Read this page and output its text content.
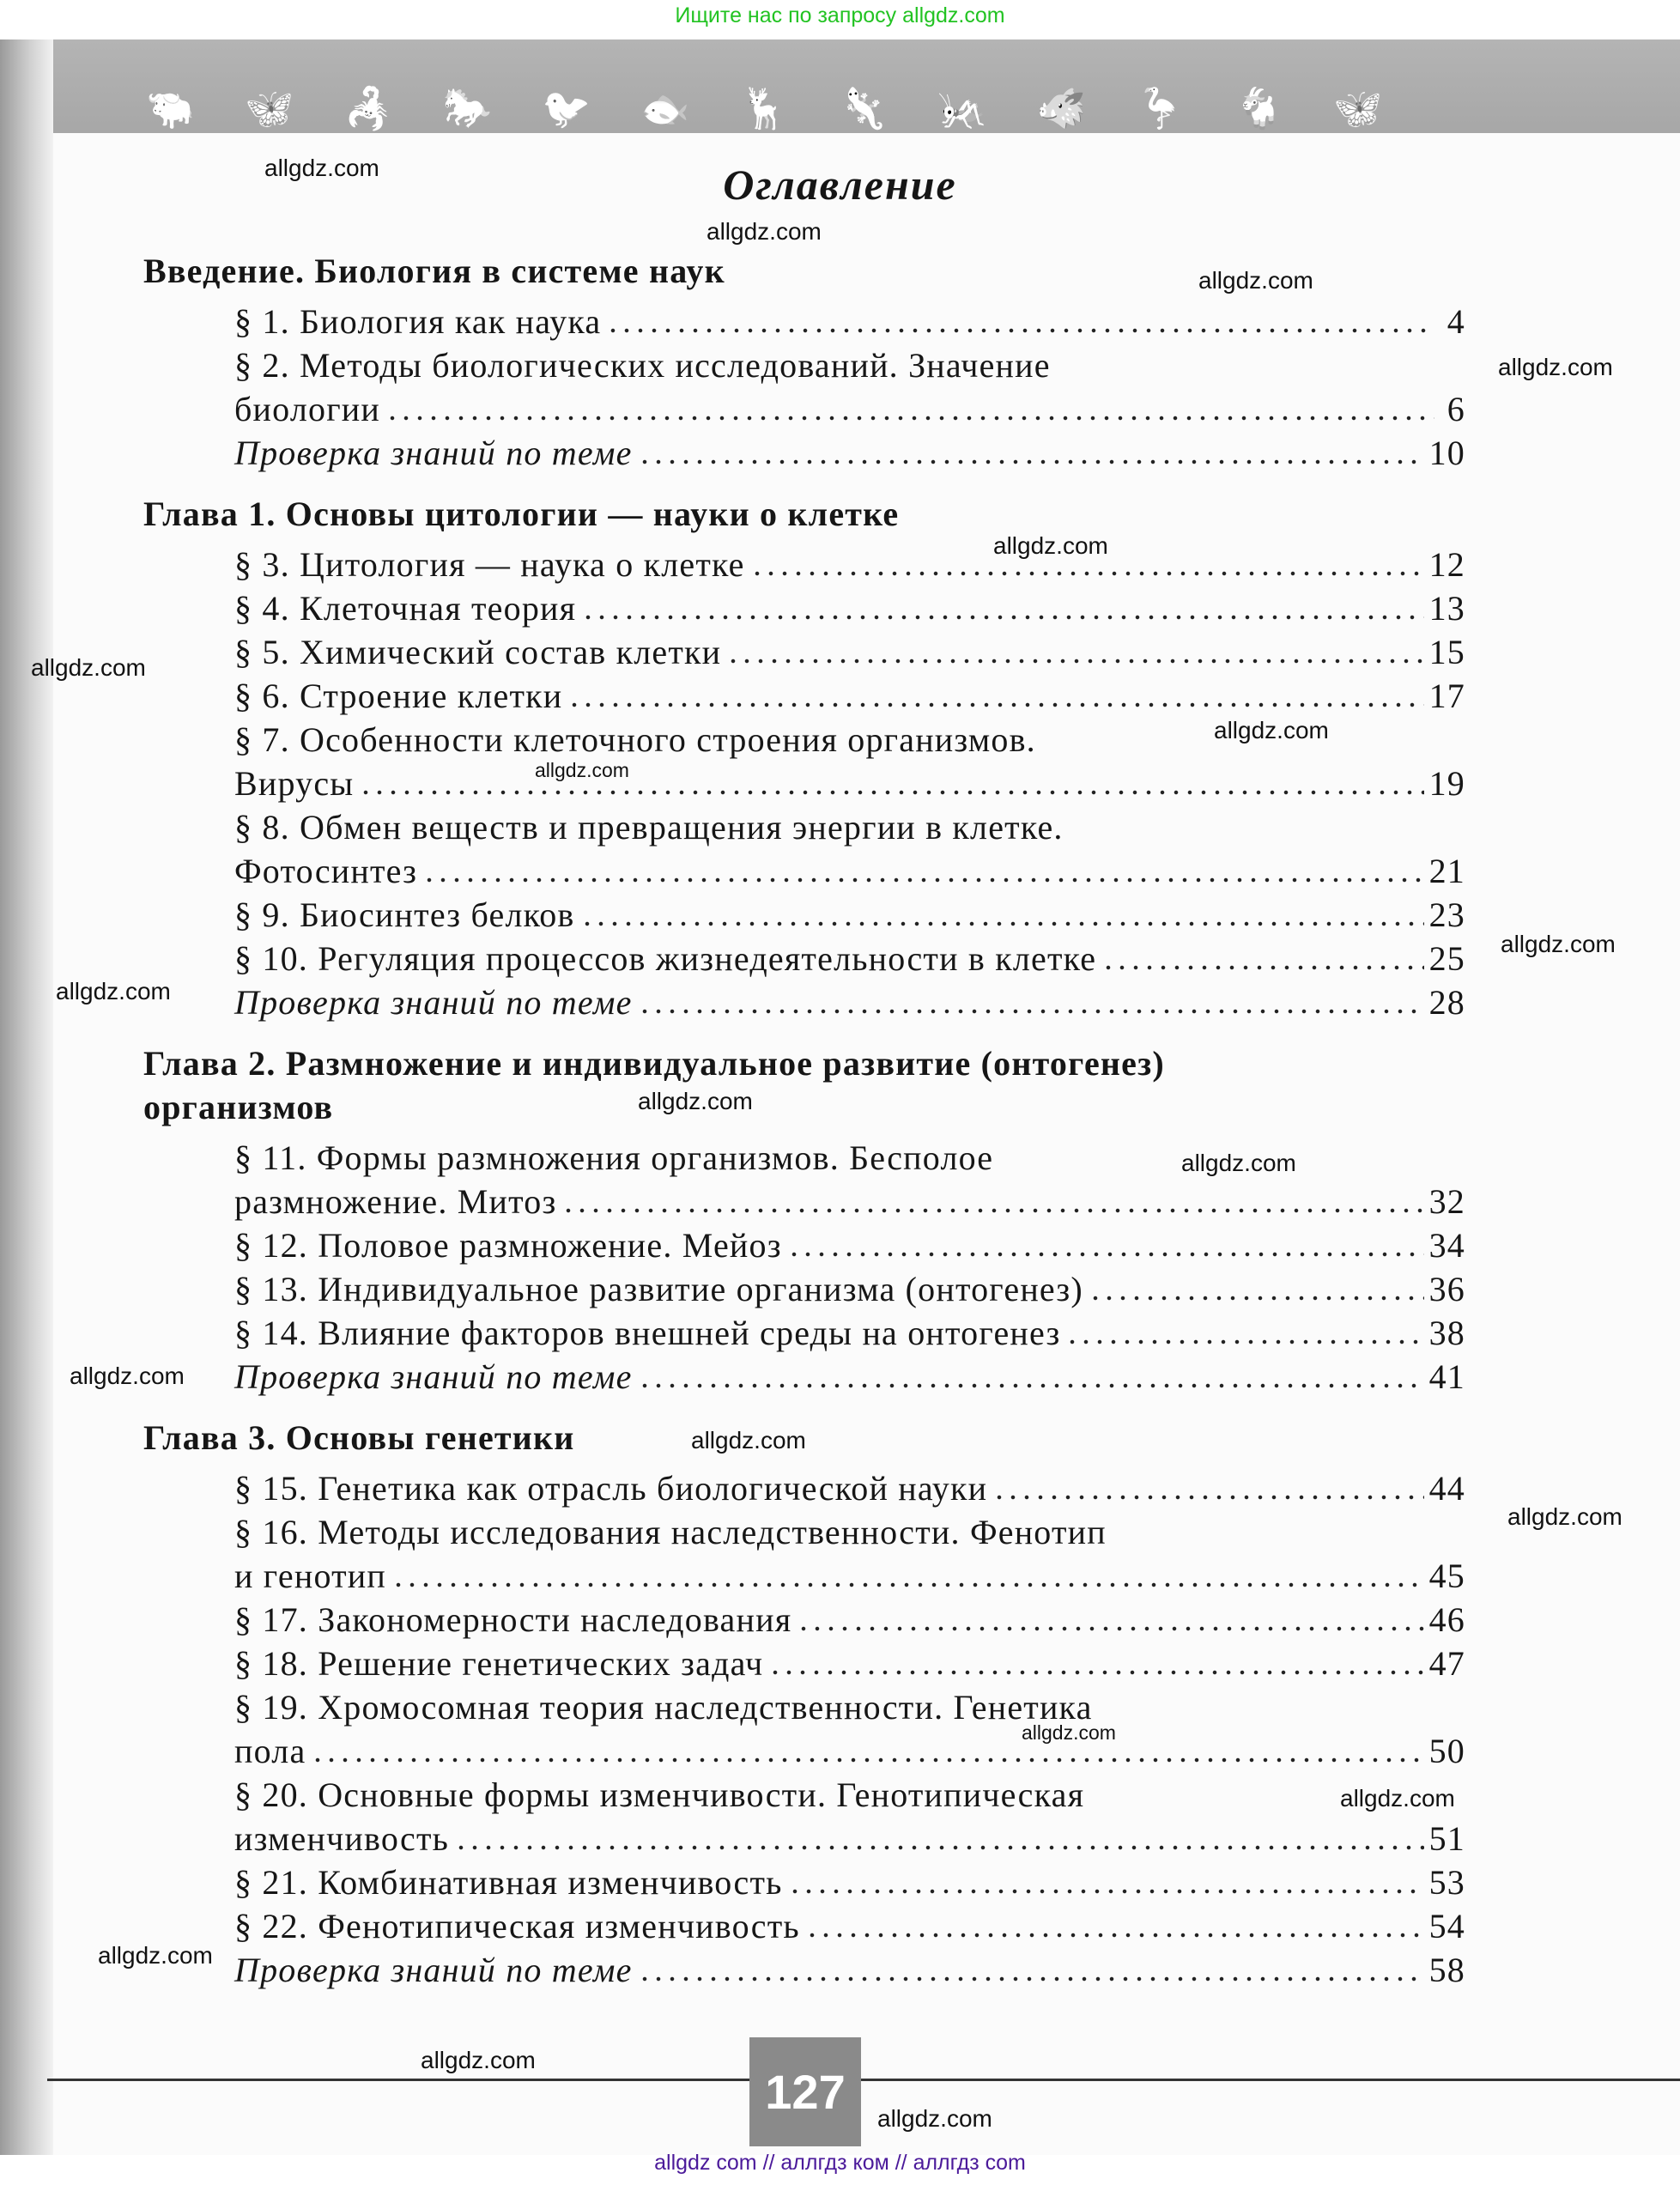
Ищите нас по запросу allgdz.com
🐃 🦋 🦂 🐎 🐦 🐟 🦌 🦎 🦗 🐗 🦩 🐐 🦋
Оглавление
Введение. Биология в системе наук
§ 1. Биология как наука	4
§ 2. Методы биологических исследований. Значение
биологии	6
Проверка знаний по теме	10
Глава 1. Основы цитологии — науки о клетке
§ 3. Цитология — наука о клетке	12
§ 4. Клеточная теория	13
§ 5. Химический состав клетки	15
§ 6. Строение клетки	17
§ 7. Особенности клеточного строения организмов.
Вирусы	19
§ 8. Обмен веществ и превращения энергии в клетке.
Фотосинтез	21
§ 9. Биосинтез белков	23
§ 10. Регуляция процессов жизнедеятельности в клетке	25
Проверка знаний по теме	28
Глава 2. Размножение и индивидуальное развитие (онтогенез)
организмов
§ 11. Формы размножения организмов. Бесполое
размножение. Митоз	32
§ 12. Половое размножение. Мейоз	34
§ 13. Индивидуальное развитие организма (онтогенез)	36
§ 14. Влияние факторов внешней среды на онтогенез	38
Проверка знаний по теме	41
Глава 3. Основы генетики
§ 15. Генетика как отрасль биологической науки	44
§ 16. Методы исследования наследственности. Фенотип
и генотип	45
§ 17. Закономерности наследования	46
§ 18. Решение генетических задач	47
§ 19. Хромосомная теория наследственности. Генетика
пола	50
§ 20. Основные формы изменчивости. Генотипическая
изменчивость	51
§ 21. Комбинативная изменчивость	53
§ 22. Фенотипическая изменчивость	54
Проверка знаний по теме	58
allgdz.com
allgdz.com
allgdz.com
allgdz.com
allgdz.com
allgdz.com
allgdz.com
allgdz.com
allgdz.com
allgdz.com
allgdz.com
allgdz.com
allgdz.com
allgdz.com
allgdz.com
allgdz.com
allgdz.com
allgdz.com
allgdz.com
allgdz.com
127
allgdz com // аллгдз ком // аллгдз com
